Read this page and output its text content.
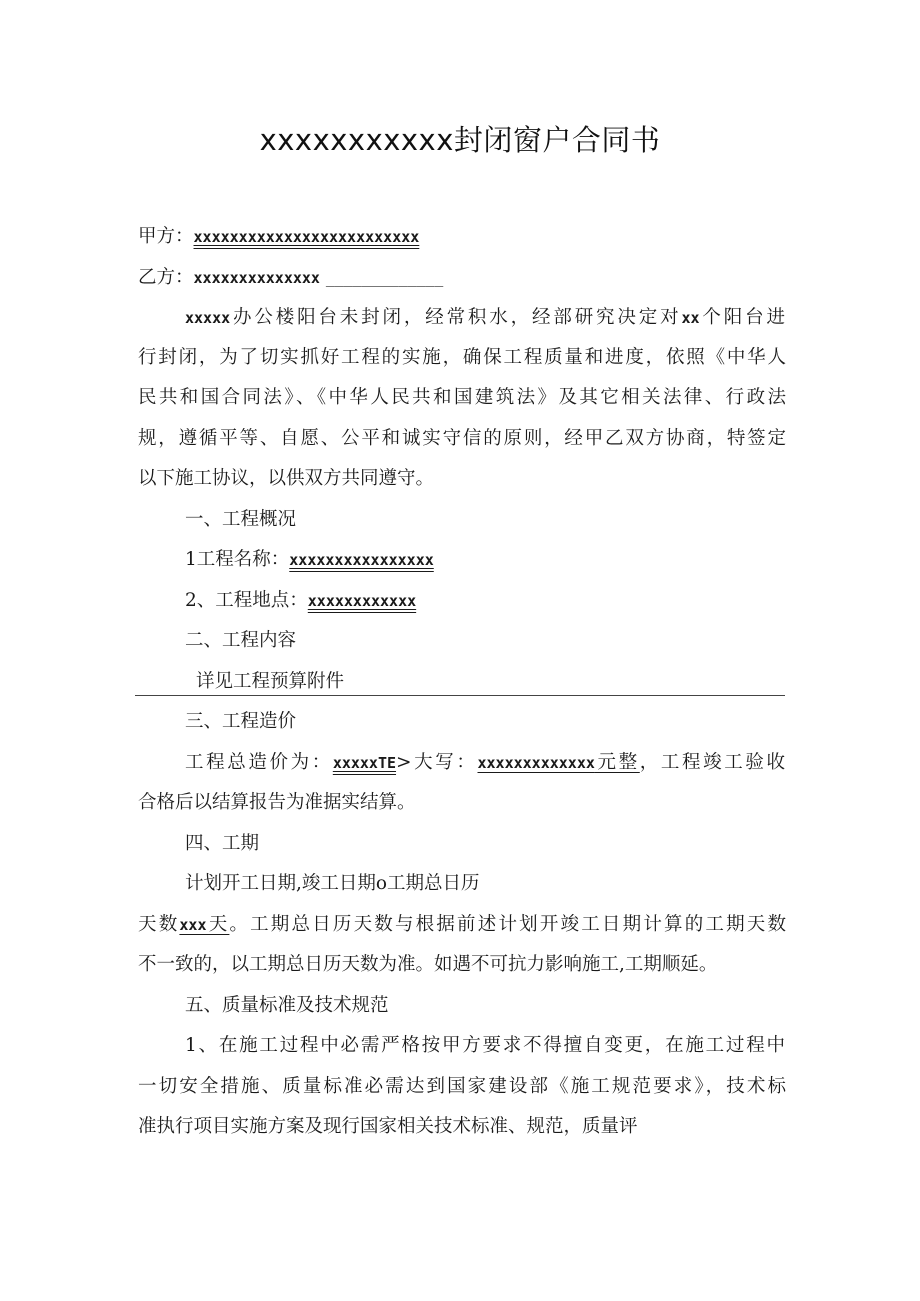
xxxxxxxxxxx封闭窗户合同书
甲方：xxxxxxxxxxxxxxxxxxxxxxxxx
乙方：xxxxxxxxxxxxxx _____________
xxxxx办公楼阳台未封闭，经常积水，经部研究决定对xx个阳台进
行封闭，为了切实抓好工程的实施，确保工程质量和进度，依照《中华人
民共和国合同法》、《中华人民共和国建筑法》及其它相关法律、行政法
规，遵循平等、自愿、公平和诚实守信的原则，经甲乙双方协商，特签定
以下施工协议，以供双方共同遵守。
一、工程概况
1工程名称：xxxxxxxxxxxxxxxx
2、工程地点：xxxxxxxxxxxx
二、工程内容
详见工程预算附件
三、工程造价
工程总造价为：xxxxxTE>大写：xxxxxxxxxxxxx元整，工程竣工验收
合格后以结算报告为准据实结算。
四、工期
计划开工日期,竣工日期o工期总日历
天数xxx天。工期总日历天数与根据前述计划开竣工日期计算的工期天数
不一致的，以工期总日历天数为准。如遇不可抗力影响施工,工期顺延。
五、质量标准及技术规范
1、在施工过程中必需严格按甲方要求不得擅自变更，在施工过程中
一切安全措施、质量标准必需达到国家建设部《施工规范要求》，技术标
准执行项目实施方案及现行国家相关技术标准、规范，质量评
